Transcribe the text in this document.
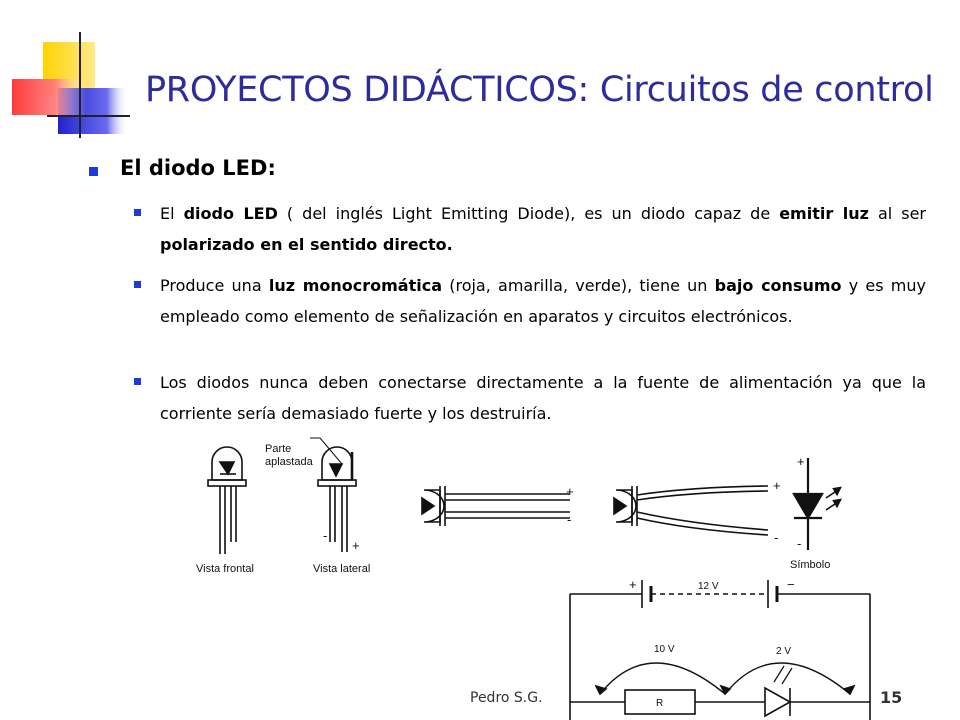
PROYECTOS DIDÁCTICOS: Circuitos de control
El diodo LED:
El diodo LED ( del inglés Light Emitting Diode), es un diodo capaz de emitir luz al ser polarizado en el sentido directo.
Produce una luz monocromática (roja, amarilla, verde), tiene un bajo consumo y es muy empleado como elemento de señalización en aparatos y circuitos electrónicos.
Los diodos nunca deben conectarse directamente a la fuente de alimentación ya que la corriente sería demasiado fuerte y los destruiría.
Parte
aplastada
Vista frontal	Vista lateral	Símbolo
-
+
+
-
+
-
+
-
+	−
12 V
10 V	2 V
R
Pedro S.G.	15
